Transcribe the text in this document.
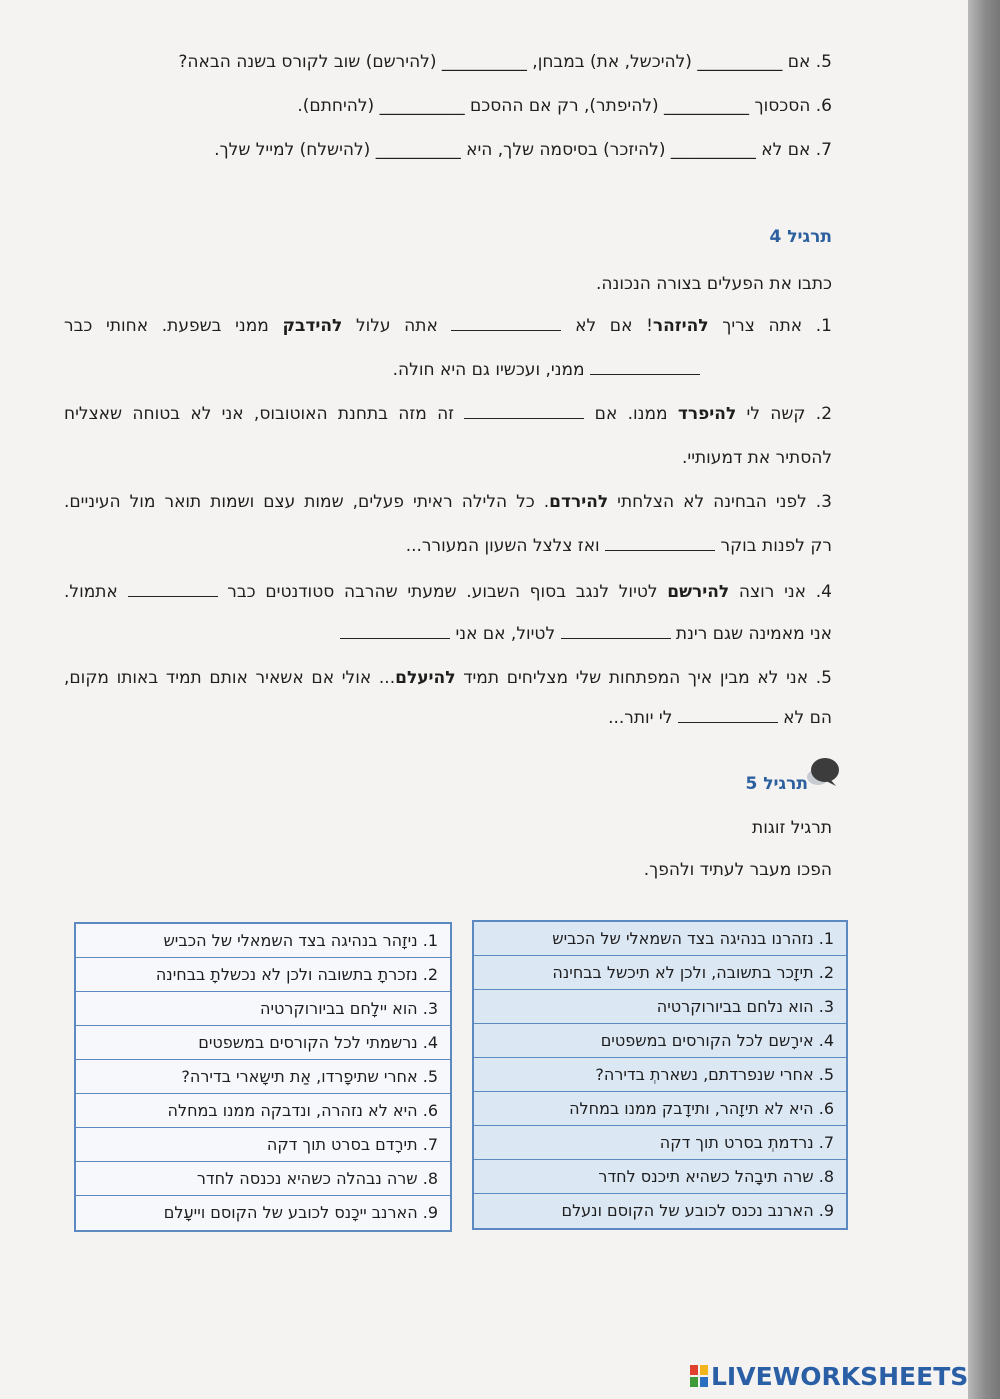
5. אם __________ (להיכשל, את) במבחן, __________ (להירשם) שוב לקורס בשנה הבאה?
6. הסכסוך __________ (להיפתר), רק אם ההסכם __________ (להיחתם).
7. אם לא __________ (להיזכר) בסיסמה שלך, היא __________ (להישלח) למייל שלך.
תרגיל 4
כתבו את הפעלים בצורה הנכונה.
1. אתה צריך להיזהר! אם לא  אתה עלול להידבק ממני בשפעת. אחותי כבר
ממני, ועכשיו גם היא חולה.
2. קשה לי להיפרד ממנו. אם  זה מזה בתחנת האוטובוס, אני לא בטוחה שאצליח
להסתיר את דמעותיי.
3. לפני הבחינה לא הצלחתי להירדם. כל הלילה ראיתי פעלים, שמות עצם ושמות תואר מול העיניים.
רק לפנות בוקר  ואז צלצל השעון המעורר...
4. אני רוצה להירשם לטיול לנגב בסוף השבוע. שמעתי שהרבה סטודנטים כבר  אתמול.
אני מאמינה שגם רינת  לטיול, אם אני
5. אני לא מבין איך המפתחות שלי מצליחים תמיד להיעלם... אולי אם אשאיר אותם תמיד באותו מקום,
הם לא  לי יותר...
תרגיל 5
תרגיל זוגות
הפכו מעבר לעתיד ולהפך.
1. נזהרנו בנהיגה בצד השמאלי של הכביש
2. תיזָכר בתשובה, ולכן לא תיכשל בבחינה
3. הוא נלחם בביורוקרטיה
4. אירָשם לכל הקורסים במשפטים
5. אחרי שנפרדתם, נשארתְ בדירה?
6. היא לא תיזָהר, ותידָבק ממנו במחלה
7. נרדמתְ בסרט תוך דקה
8. שרה תיבָהל כשהיא תיכנס לחדר
9. הארנב נכנס לכובע של הקוסם ונעלם
1. ניזָהר בנהיגה בצד השמאלי של הכביש
2. נזכרתָ בתשובה ולכן לא נכשלתָ בבחינה
3. הוא יילָחם בביורוקרטיה
4. נרשמתי לכל הקורסים במשפטים
5. אחרי שתיפָרדו, אַת תישָארי בדירה?
6. היא לא נזהרה, ונדבקה ממנו במחלה
7. תירָדם בסרט תוך דקה
8. שרה נבהלה כשהיא נכנסה לחדר
9. הארנב ייכָנס לכובע של הקוסם וייעָלם
LIVEWORKSHEETS
